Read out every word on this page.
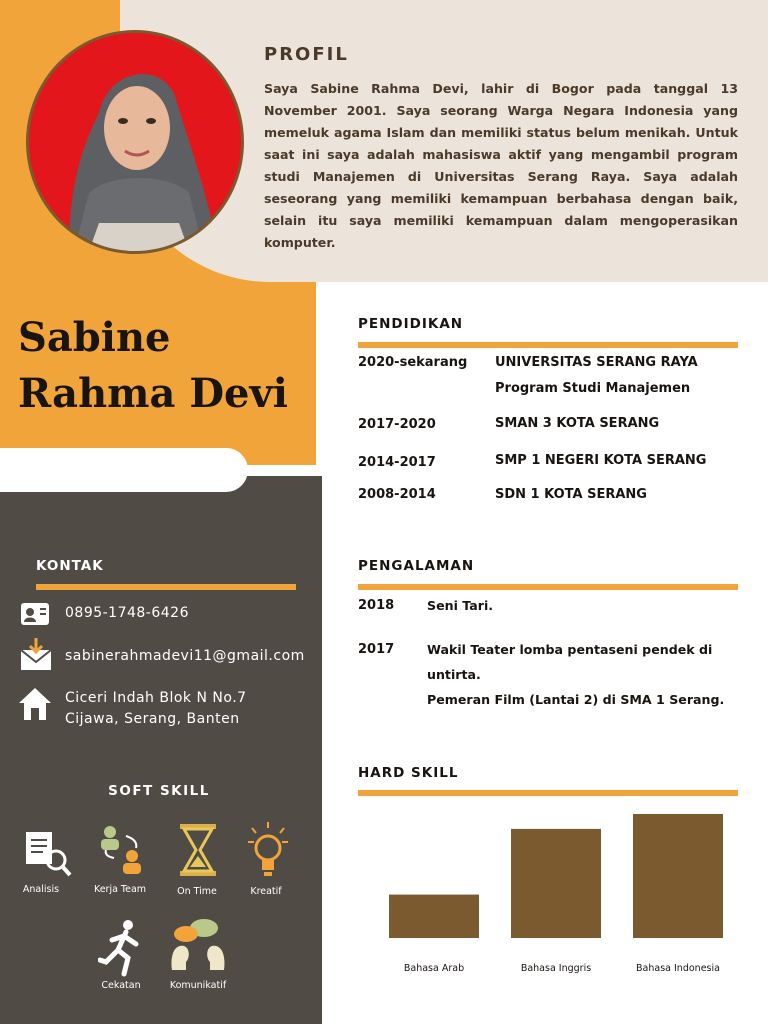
PROFIL
Saya Sabine Rahma Devi, lahir di Bogor pada tanggal 13 November 2001. Saya seorang Warga Negara Indonesia yang memeluk agama Islam dan memiliki status belum menikah. Untuk saat ini saya adalah mahasiswa aktif yang mengambil program studi Manajemen di Universitas Serang Raya. Saya adalah seseorang yang memiliki kemampuan berbahasa dengan baik, selain itu saya memiliki kemampuan dalam mengoperasikan komputer.
Sabine
Rahma Devi
PENDIDIKAN
2020-sekarang UNIVERSITAS SERANG RAYA
Program Studi Manajemen
2017-2020	SMAN 3 KOTA SERANG
2014-2017	SMP 1 NEGERI KOTA SERANG
2008-2014	SDN 1 KOTA SERANG
PENGALAMAN
2018	Seni Tari.
2017	Wakil Teater lomba pentaseni pendek di
untirta.
Pemeran Film (Lantai 2) di SMA 1 Serang.
HARD SKILL
Bahasa Arab	Bahasa Inggris	Bahasa Indonesia
KONTAK
0895-1748-6426
sabinerahmadevi11@gmail.com
Ciceri Indah Blok N No.7
Cijawa, Serang, Banten
SOFT SKILL
Analisis	Kerja Team	On Time	Kreatif
Cekatan	Komunikatif
